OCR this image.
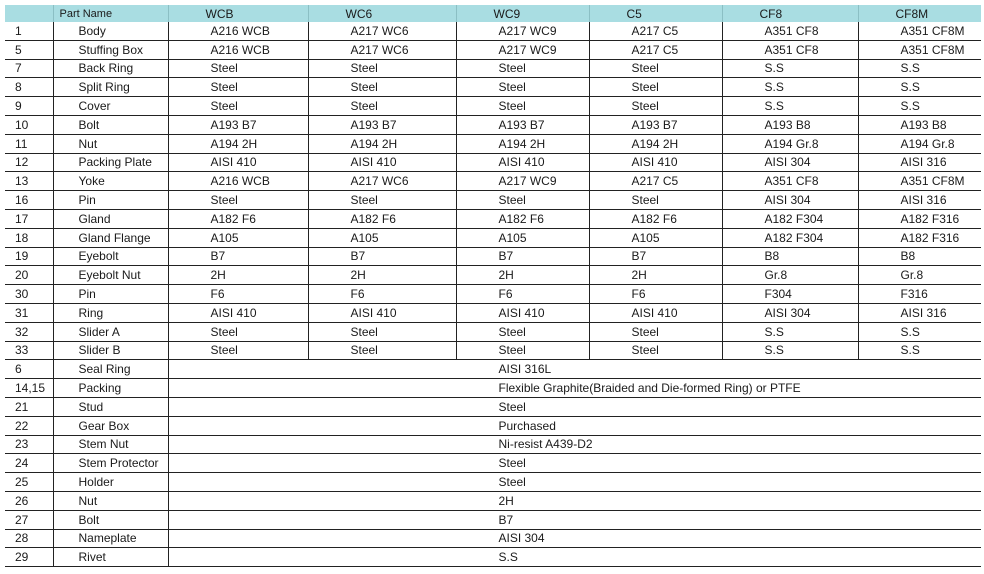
	Part Name	WCB	WC6	WC9	C5	CF8	CF8M
1	Body	A216 WCB	A217 WC6	A217 WC9	A217 C5	A351 CF8	A351 CF8M
5	Stuffing Box	A216 WCB	A217 WC6	A217 WC9	A217 C5	A351 CF8	A351 CF8M
7	Back Ring	Steel	Steel	Steel	Steel	S.S	S.S
8	Split Ring	Steel	Steel	Steel	Steel	S.S	S.S
9	Cover	Steel	Steel	Steel	Steel	S.S	S.S
10	Bolt	A193 B7	A193 B7	A193 B7	A193 B7	A193 B8	A193 B8
11	Nut	A194 2H	A194 2H	A194 2H	A194 2H	A194 Gr.8	A194 Gr.8
12	Packing Plate	AISI 410	AISI 410	AISI 410	AISI 410	AISI 304	AISI 316
13	Yoke	A216 WCB	A217 WC6	A217 WC9	A217 C5	A351 CF8	A351 CF8M
16	Pin	Steel	Steel	Steel	Steel	AISI 304	AISI 316
17	Gland	A182 F6	A182 F6	A182 F6	A182 F6	A182 F304	A182 F316
18	Gland Flange	A105	A105	A105	A105	A182 F304	A182 F316
19	Eyebolt	B7	B7	B7	B7	B8	B8
20	Eyebolt Nut	2H	2H	2H	2H	Gr.8	Gr.8
30	Pin	F6	F6	F6	F6	F304	F316
31	Ring	AISI 410	AISI 410	AISI 410	AISI 410	AISI 304	AISI 316
32	Slider A	Steel	Steel	Steel	Steel	S.S	S.S
33	Slider B	Steel	Steel	Steel	Steel	S.S	S.S
6	Seal Ring	AISI 316L					
14,15	Packing	Flexible Graphite(Braided and Die-formed Ring) or PTFE					
21	Stud	Steel					
22	Gear Box	Purchased					
23	Stem Nut	Ni-resist A439-D2					
24	Stem Protector	Steel					
25	Holder	Steel					
26	Nut	2H					
27	Bolt	B7					
28	Nameplate	AISI 304					
29	Rivet	S.S					
